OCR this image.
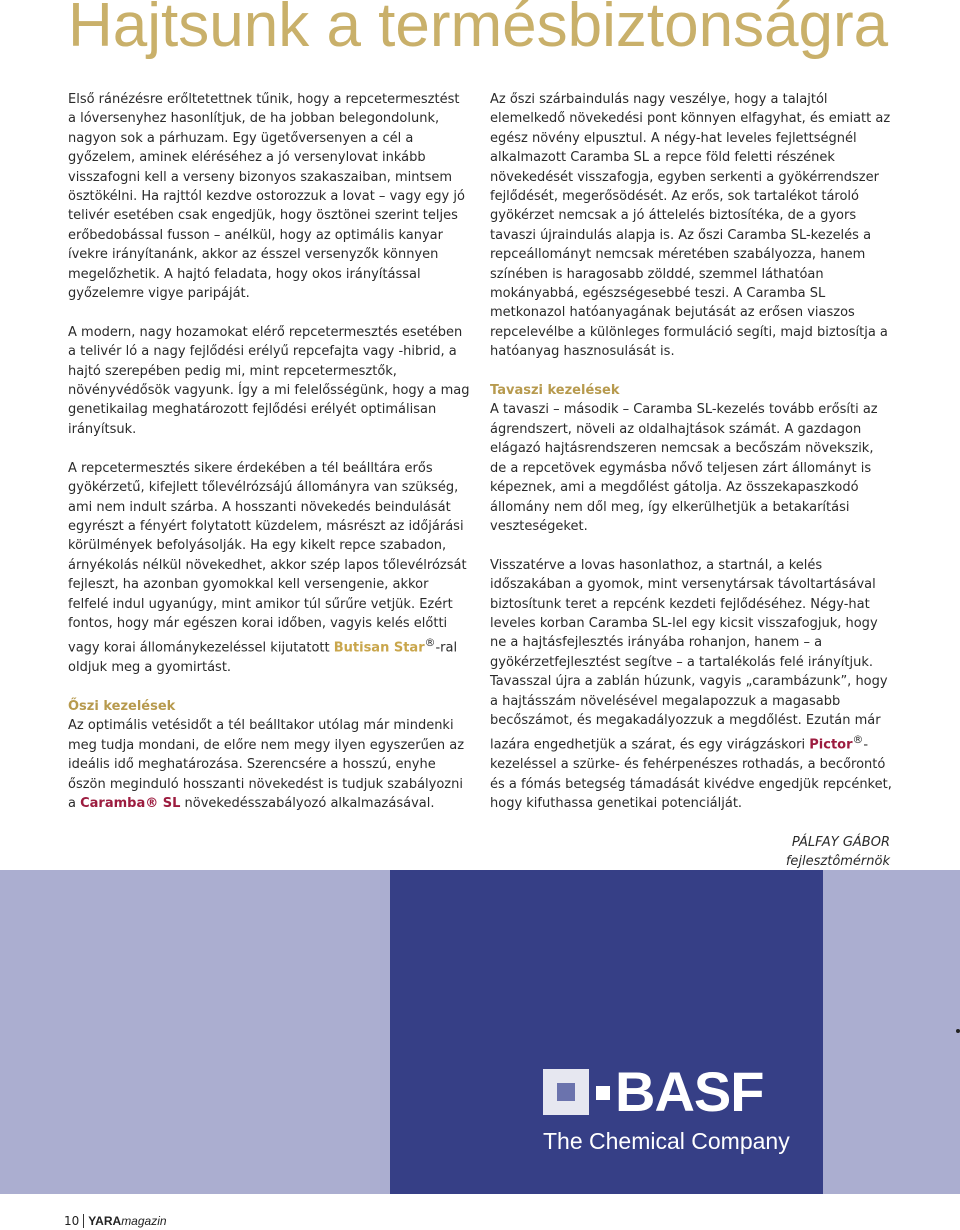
Hajtsunk a termésbiztonságra

Első ránézésre erőltetettnek tűnik, hogy a repcetermesztést a lóversenyhez hasonlítjuk, de ha jobban belegondolunk, nagyon sok a párhuzam. Egy ügetőversenyen a cél a győzelem, aminek eléréséhez a jó versenylovat inkább visszafogni kell a verseny bizonyos szakaszaiban, mintsem ösztökélni. Ha rajttól kezdve ostorozzuk a lovat – vagy egy jó telivér esetében csak engedjük, hogy ösztönei szerint teljes erőbedobással fusson – anélkül, hogy az optimális kanyar ívekre irányítanánk, akkor az ésszel versenyzők könnyen megelőzhetik. A hajtó feladata, hogy okos irányítással győzelemre vigye paripáját.

A modern, nagy hozamokat elérő repcetermesztés esetében a telivér ló a nagy fejlődési erélyű repcefajta vagy -hibrid, a hajtó szerepében pedig mi, mint repcetermesztők, növényvédősök vagyunk. Így a mi felelősségünk, hogy a mag genetikailag meghatározott fejlődési erélyét optimálisan irányítsuk.

A repcetermesztés sikere érdekében a tél beálltára erős gyökérzetű, kifejlett tőlevélrózsájú állományra van szükség, ami nem indult szárba. A hosszanti növekedés beindulását egyrészt a fényért folytatott küzdelem, másrészt az időjárási körülmények befolyásolják. Ha egy kikelt repce szabadon, árnyékolás nélkül növekedhet, akkor szép lapos tőlevélrózsát fejleszt, ha azonban gyomokkal kell versengenie, akkor felfelé indul ugyanúgy, mint amikor túl sűrűre vetjük. Ezért fontos, hogy már egészen korai időben, vagyis kelés előtti vagy korai állománykezeléssel kijutatott Butisan Star®-ral oldjuk meg a gyomirtást.

Őszi kezelések

Az optimális vetésidőt a tél beálltakor utólag már mindenki meg tudja mondani, de előre nem megy ilyen egyszerűen az ideális idő meghatározása. Szerencsére a hosszú, enyhe őszön meginduló hosszanti növekedést is tudjuk szabályozni a Caramba® SL növekedésszabályozó alkalmazásával.

Az őszi szárbaindulás nagy veszélye, hogy a talajtól elemelkedő növekedési pont könnyen elfagyhat, és emiatt az egész növény elpusztul. A négy-hat leveles fejlettségnél alkalmazott Caramba SL a repce föld feletti részének növekedését visszafogja, egyben serkenti a gyökérrendszer fejlődését, megerősödését. Az erős, sok tartalékot tároló gyökérzet nemcsak a jó áttelelés biztosítéka, de a gyors tavaszi újraindulás alapja is. Az őszi Caramba SL-kezelés a repceállományt nemcsak méretében szabályozza, hanem színében is haragosabb zölddé, szemmel láthatóan mokányabbá, egészségesebbé teszi. A Caramba SL metkonazol hatóanyagának bejutását az erősen viaszos repcelevélbe a különleges formuláció segíti, majd biztosítja a hatóanyag hasznosulását is.

Tavaszi kezelések

A tavaszi – második – Caramba SL-kezelés tovább erősíti az ágrendszert, növeli az oldalhajtások számát. A gazdagon elágazó hajtásrendszeren nemcsak a becőszám növekszik, de a repcetövek egymásba nővő teljesen zárt állományt is képeznek, ami a megdőlést gátolja. Az összekapaszkodó állomány nem dől meg, így elkerülhetjük a betakarítási veszteségeket.

Visszatérve a lovas hasonlathoz, a startnál, a kelés időszakában a gyomok, mint versenytársak távoltartásával biztosítunk teret a repcénk kezdeti fejlődéséhez. Négy-hat leveles korban Caramba SL-lel egy kicsit visszafogjuk, hogy ne a hajtásfejlesztés irányába rohanjon, hanem – a gyökérzetfejlesztést segítve – a tartalékolás felé irányítjuk. Tavasszal újra a zablán húzunk, vagyis „carambázunk”, hogy a hajtásszám növelésével megalapozzuk a magasabb becőszámot, és megakadályozzuk a megdőlést. Ezután már lazára engedhetjük a szárat, és egy virágzáskori Pictor®-kezeléssel a szürke- és fehérpenészes rothadás, a becőrontó és a fómás betegség támadását kivédve engedjük repcénket, hogy kifuthassa genetikai potenciálját.

PÁLFAY GÁBOR
fejlesztômérnök
BASF
The Chemical Company
10 YARAmagazin
